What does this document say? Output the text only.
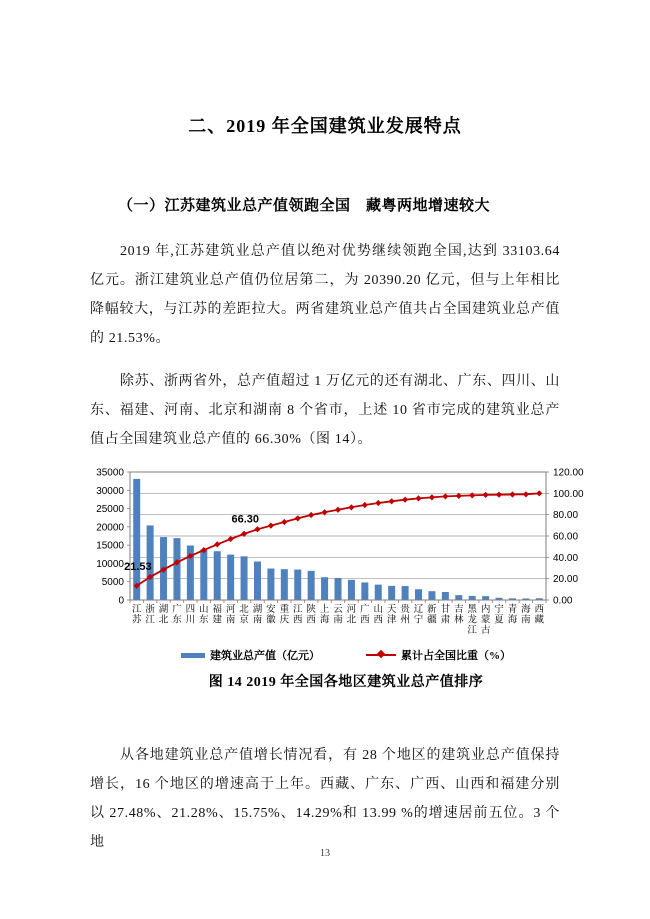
二、2019 年全国建筑业发展特点
（一）江苏建筑业总产值领跑全国　藏粤两地增速较大

2019 年,江苏建筑业总产值以绝对优势继续领跑全国,达到 33103.64 亿元。浙江建筑业总产值仍位居第二，为 20390.20 亿元，但与上年相比降幅较大，与江苏的差距拉大。两省建筑业总产值共占全国建筑业总产值的 21.53%。

除苏、浙两省外，总产值超过 1 万亿元的还有湖北、广东、四川、山东、福建、河南、北京和湖南 8 个省市，上述 10 省市完成的建筑业总产值占全国建筑业总产值的 66.30%（图 14）。

0
5000
10000
15000
20000
25000
30000
35000
0.00
20.00
40.00
60.00
80.00
100.00
120.00
21.53
66.30
江
苏
浙
江
湖
北
广
东
四
川
山
东
福
建
河
南
北
京
湖
南
安
徽
重
庆
江
西
陕
西
上
海
云
南
河
北
广
西
山
西
天
津
贵
州
辽
宁
新
疆
甘
肃
吉
林
黑
龙
江
内
蒙
古
宁
夏
青
海
海
南
西
藏
建筑业总产值（亿元）	累计占全国比重（%）
图 14 2019 年全国各地区建筑业总产值排序

从各地建筑业总产值增长情况看，有 28 个地区的建筑业总产值保持增长，16 个地区的增速高于上年。西藏、广东、广西、山西和福建分别以 27.48%、21.28%、15.75%、14.29%和 13.99 %的增速居前五位。3 个地

13
